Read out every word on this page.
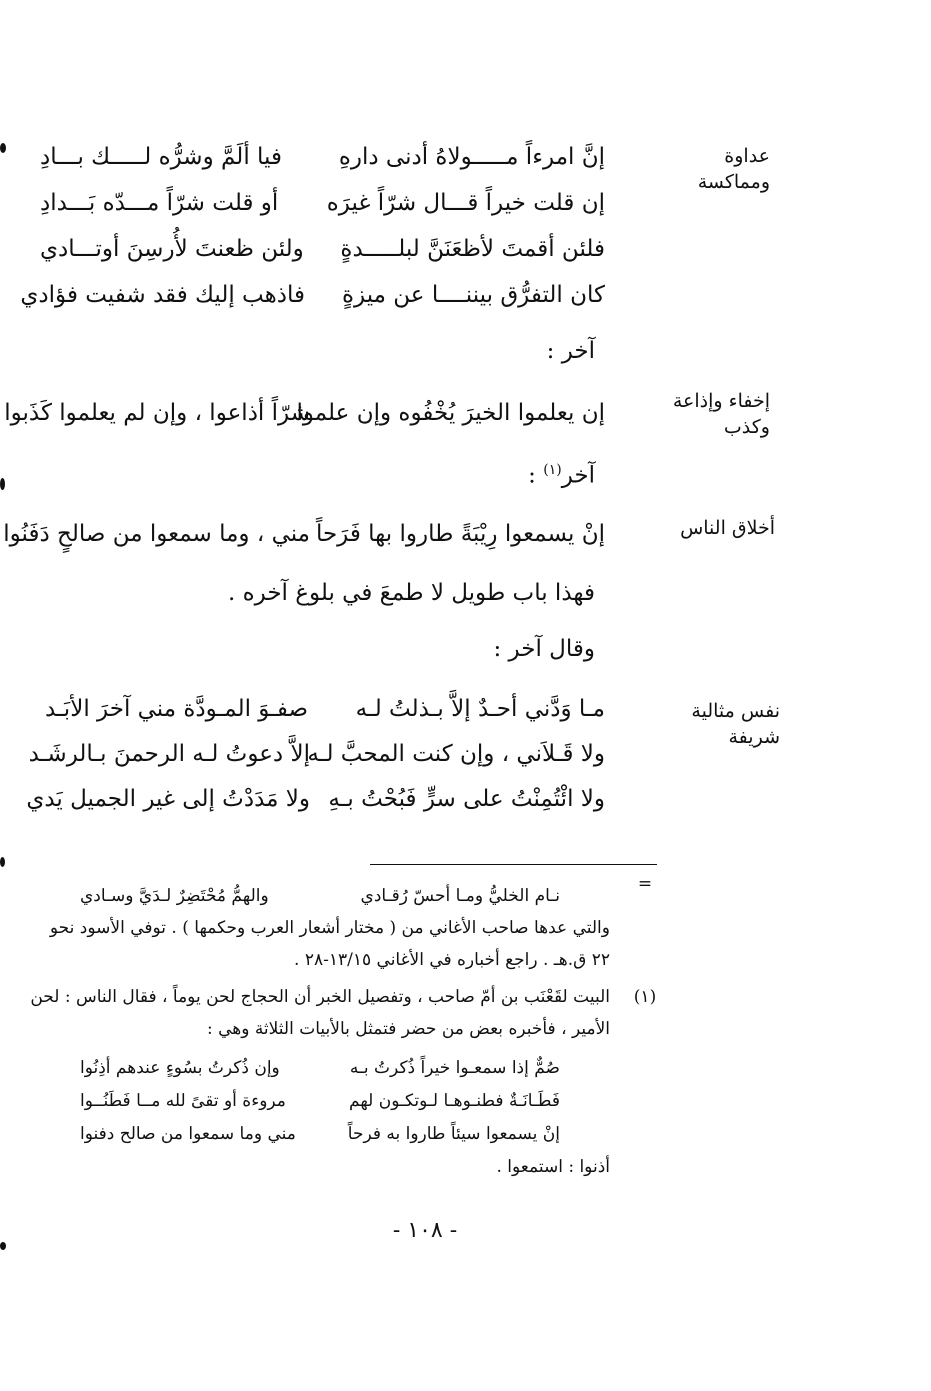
عداوة ومماكسة
إخفاء وإذاعة وكذب
أخلاق الناس
نفس مثالية شريفة
إنَّ امرءاً مـــــولاهُ أدنى دارهِ
فيا ألَمَّ وشرُّه لـــــك بـــادِ
إن قلت خيراً قـــال شرّاً غيرَه
أو قلت شرّاً مـــدّه بَـــدادِ
فلئن أقمتَ لأظعَنَنَّ لبلـــــدةٍ
ولئن ظعنتَ لأُرسِنَ أوتـــادي
كان التفرُّق بيننــــا عن ميزةٍ
فاذهب إليك فقد شفيت فؤادي
آخر :
إن يعلموا الخيرَ يُخْفُوه وإن علموا
شرّاً أذاعوا ، وإن لم يعلموا كَذَبوا
آخر$^{(١)}$ :
إنْ يسمعوا رِيْبَةً طاروا بها فَرَحاً
مني ، وما سمعوا من صالحٍ دَفَنُوا
فهذا باب طويل لا طمعَ في بلوغ آخره .
وقال آخر :
مـا وَدَّني أحـدٌ إلاَّ بـذلتُ لـه
صفـوَ المـودَّة مني آخرَ الأبَـد
ولا قَـلاَني ، وإن كنت المحبَّ لـه
إلاَّ دعوتُ لـه الرحمنَ بـالرشَـد
ولا ائْتُمِنْتُ على سرٍّ فَبُحْتُ بـهِ
ولا مَدَدْتُ إلى غير الجميل يَدي
=
نـام الخليُّ ومـا أحسّ رُقـادي
والهمُّ مُحْتَضِرٌ لـدَيَّ وسـادي
والتي عدها صاحب الأغاني من ( مختار أشعار العرب وحكمها ) . توفي الأسود نحو
٢٢ ق.هـ . راجع أخباره في الأغاني ١٣/١٥-٢٨ .
(١)
البيت لقَعْنَب بن أمّ صاحب ، وتفصيل الخبر أن الحجاج لحن يوماً ، فقال الناس : لحن
الأمير ، فأخبره بعض من حضر فتمثل بالأبيات الثلاثة وهي :
صُمٌّ إذا سمعـوا خيراً ذُكرتُ بـه
وإن ذُكرتُ بسُوءٍ عندهم أذِنُوا
فَطَـانَـةٌ فطنـوهـا لـوتكـون لهم
مروءة أو تقىً لله مــا فَطَنُــوا
إنْ يسمعوا سيئاً طاروا به فرحاً
مني وما سمعوا من صالح دفنوا
أذنوا : استمعوا .
- ١٠٨ -
